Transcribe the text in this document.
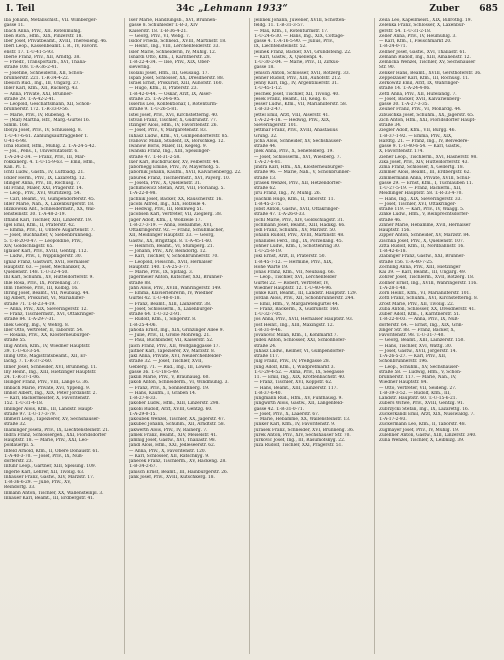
I. Teil	34c „Lehmann 1933“	Zuber 685
Iba Johann, Metallschlst., VII. Wimberger-
gasse 11.
Ibach Anna, Priv., XII. Rotenmühlg.
Iben Rich., Hfm., XIX, Pinzerstr. 18.
Iber Josef, Privatbeamt., XVIII, Theresieng. 46.
Iberl Leop., Kassenbeamt. i. R., IV, Favorit.
enstr. 17. T.-U-41-5-93.
Iberle Franz, Priv., XII, Arndtg. 38.
— Friedr., Transportarb., XVI, Thalia-
straße 108. T.-A-36-2-41.
— Josefine, Schneiderin, XII, Schön-
brunnerstr. 221. T.-R-34-4-22.
Ibesich Rud., Ing., III, Ungarg. 27.
Ibler Karl, Kfm., XII, Ruckerg. 43.
— Anna, Private, XXI, Brünner-
straße 29. T.-A-42-2-41.
— Leopold, Geschäftsmann, XII, Schön-
brunnerstr. 172. T.-R-33-0-56.
— Marie, Priv., IV, Rubensg. 4.
— (Maf) Martha, Hfr., Marg.-Gürtel 16.
Simm. 168.
Ibolya Josef, Priv., IV, Schlüsselg. 8.
T.-U-47-6-61. Zahlungsauftraggeber T.
U-41-6-98.
Icha Rudolf, Hfm., Mühlg. 2. T.-A-24-5-42.
— Jos., Pens., I, Universitätsstr. 6.
T.-A-24-2-34. — Franz, Priv., III, Mar-
rokkanerg. 4. T.-U-15-9-63. — Emil, Hfm.,
Kan. Pl. 1.
Ichtl Ludw., Gasth., IV, Luftbadg. 21.
Ickler Herm., Priv., IX, Lazarettg. 12.
Idinger Anna, Prv., III, Rochusg. 7.
Idl Franz, Maler, XXI, Pragerstr. 14.
— Leop., Priv., XVI, Wurlitzerg. 54.
— Carl, Beamt., VI, Gumpendorferstr. 45.
Idler Marie, Näh., X, Laxenburgerstr. 18.
Idzikowski Ant., Schneidermstr., XX, Wal-
lensteinstr. 30. T.-A-48-2-19.
Iffland Karl, Tischler, XIII, Linzerstr. 19.
Igel Emil, Kfm., II, Praterstr. 42.
— Emma, Priv., II, Untere Augartenstr. 7.
— Josef, Buchhalter, V, Siebenbrunneng.
5. T.-B-20-0-47. — Leopoldine, Priv.,
XIV, Goldschlagstr. 65.
Iglauer Karl, Priv., XVIII, Gentzg. 112.
— Ludw., Priv., I, Wipplingerstr. 30.
Ignaz Franz, Gastwirt, XVII, Hernalser
Hauptstr. 63. — Josef, Mechaniker, X,
Quellenstr. 148. T.-U-32-4-50.
Ihl Karl, Schuhm., XV, Hütteldorferstr. 9.
Ihle Rosa, Priv., IX, Porzellang. 37.
Ihm Therese, Priv., III, Kölblg. 16.
Ihring Josef, Beamt., VII, Neubaug. 44.
Ilg Albert, Prokurist, VI, Mariahilfer-
straße 71. T.-B-23-4-19.
— Anna, Priv., XIX, Sieveringerstr. 12.
— Franz, Tischlermstr., XVI, Ottakringer-
straße 84. T.-A-29-7-31.
Illek Georg, Ing., V, Wehrg. 8.
Iller Otto, Vertreter, II, Taborstr. 54.
— Rosalia, Priv., XX, Klosterneuburger-
straße 55.
Illig Anton, Kfm., IV, Wiedner Hauptstr.
39. T.-U-43-3-54.
Illing Otto, Magistratsbeamt., XII, Er-
lachg. 7. T.-R-37-2-60.
Illner Josef, Schneider, XVI, Brunneng. 11.
Illy Heinr., Ing., XIII, Hietzinger Hauptstr.
24. T.-R-37-1-06.
Ilsinger Franz, Priv., VIII, Lange G. 36.
Imbach Marie, Private, XVI, Yppeng. 9.
Imhof Albert, Ing., XIX, Peter Jordanstr. 2.
— Karl, Bäckermeister, X, Favoritenstr.
152. T.-U-31-4-18.
Imlinger Alois, Kfm., III, Landstr. Haupt-
straße 97. T.-U-17-3-79.
Immerl Leop., Tapezierer, XV, Sechshauser-
straße 32.
Inaminger Josefa, Priv., IX, Liechtensteinstr. 21.
Indra Franz, Schlossergeh., XXI, Floridsdorfer
Hauptstr. 18. — Marie, Priv., XXI, Leo-
poldauerpl. 5.
Infeld Arnold, Kfm., II, Obere Donaustr. 61.
T.-A-40-3-70. — Josef, Priv., IX, Nuß-
dorferstr. 23.
Inführ Leop., Gärtner, XIII, Speising. 109.
Ingerle Karl, Lehrer, XII, Tivolig. 63.
Inhauser Franz, Gastw., XIV, Märzstr. 17.
T.-R-36-6-29. — Julie, Priv., XV,
Reindorfg. 33.
Inmann Anton, Tischler, XX, Wallensteinpl. 3.
Innauer Karl, Beamt., III, Erdbergstr. 41.
Iser Marie, Handlungsb., XVI, Brunnen-
gasse 8. Schuhleder T.-B-3, XIV
Kaiserstr. 18. T.-B-36-4-21.
— Georg, Priv., VI, Webg. 7.
Isidor Frieda, Schneid., XVIII, Martinstr. 18.
— Heinr., Ing., VIII, Lerchenfelderstr. 33.
Isler Marie, Schneiderin, IV, Mühlg. 12.
Isnardi Otto, Kfm., I, Kärntnerstr. 28.
T.-R-22-4-34. — Ilse, Priv., XIX, Ober-
sievering.
Isolani Josef, Hfm., III, Geusaug. 17.
Ispan Josef, Schlosser, XX, Dresdnerstr. 88.
Israel Ernst, Prokurist, XIII, Auhofstr. 160.
— Hugo, Kfm., II, Praterstr. 23.
T.-R-42-0-44. — Oskar, Arzt, IX, Alser-
straße 25. T.-A-24-6-95.
Isserlis Leo, Konfektionär, I, Rotenturm-
straße 9. T.-U-26-5-81.
Istel Josef, Priv., XVI, Kirchstetterng. 40.
Istvan Franz, Tischler, X, Gudrunstr. 77.
Itzinger Alois, Hfm., IV, Favoritenstr. 26.
— Josef, Priv., V, Margaretenstr. 83.
Iuhasz Ludw., Kfm., VI, Gumpendorferstr. 85.
Ivanovic Milan, Student, IX, Borschkeg. 12.
Iwanow Boris, Maler, III, Kegelg. 9.
Iwanski Franz, Ing., XIII, Speisinger-
straße 47. T.-R-31-2-58.
Ixer Karl, Buchdrucker, XV, Felberstr. 44.
Jabornegg Emilie, Priv., IV, Mayerhofg. 5.
Jabornik Johann, Kaufm., XVII, Kalvarienbergg. 22.
Jaburek Franz, Tischlermstr., XVI, Payerg. 10.
— Josefa, Priv., X, Quellenstr. 31.
Jachimowicz Stefan, Arzt, VIII, Florianig. 5.
T.-A-22-0-98.
Jachnik Josef, Bäcker, XX, Rauscherstr. 16.
Jacobi Alfred, Ing., XIX, Hofzeile 4.
— Hedwig, Priv., III, Rennweg 51.
Jacobsen Karl, Vertreter, VII, Zieglerg. 38.
Jäger Adolf, Kfm., I, Wollzeile 17.
T.-R-27-3-19. — Anna, Hebamme, XVI,
Ottakringerstr. 92. — Franz, Schuhmacher,
XII, Meidlinger Hauptstr. 33. — Georg,
Gastw., XX, Brigittapl. 8. T.-A-45-1-60.
— Heinrich, Beamt., VI, Stumperg. 21.
— Johann, Priv., XIV, Reindorfg. 12.
— Karl, Tischler, V, Schönbrunnerstr. 70.
— Leopold, Fleischh., XVII, Hernalser
Hauptstr. 140. T.-A-25-3-77.
— Marie, Priv., IX, Spitalg. 3.
Jägermeier Anton, Kutscher, XXI, Brünner-
straße 88.
Jahn Alois, Priv., XVIII, Währingerstr. 149.
— Emma, Klavierlehrerin, IV, Wiedner
Gürtel 42. T.-U-40-0-18.
— Franz, Beamt., XIII, Lainzerstr. 38.
— Josef, Schlosserm., X, Laxenburger-
straße 64. T.-U-32-2-91.
— Rudolf, Kfm., I, Singerstr. 8.
T.-R-25-4-06.
Jahoda Ernst, Ing., XIX, Grinzinger Allee 9.
— Julie, Priv., II, Große Mohreng. 21.
— Paul, Buchbinder, VII, Kaiserstr. 52.
Jaich Franz, Priv., XII, Wolfganggasse 17.
Jaitner Karl, Tapezierer, XV, Märzstr. 8.
Jakl Anna, Private, XVI, Neulerchenfelder-
straße 32. — Josef, Tischler, XVII,
Geblerg. 71. — Rud., Ing., III, Löwen-
gasse 36. T.-U-18-5-49.
Jaklin Marie, Priv., V, Bräuhausg. 60.
Jakob Anton, Schneiderm., VI, Windmühlg. 3.
— Franz, Priv., X, Sonnleithnerg. 19.
— Hans, Kaufm., I, Graben 14.
T.-R-27-8-33.
Jakober Ludw., Hfm., XIII, Linzerstr. 298.
Jakobi Rudolf, Arzt, XVIII, Gentzg. 60.
T.-A-29-0-15.
Jakoubek Wenzel, Tischler, XX, Jägerstr. 47.
Jakubec Johann, Schuhm., XII, Arndtstr. 58.
Jakwerth Alois, Priv., IV, Rainerg. 7.
Jamek Franz, Beamt., XIV, Meiselstr. 41.
Jamnig Josef, Gastw., XVI, Thaliastr. 98.
Jandl Alois, Hfm., XXI, Jedleseerstr. 62.
— Anna, Priv., X, Favoritenstr. 120.
— Karl, Schlosser, XII, Ratschkyg. 9.
Janecek Franz, Tischlerm., XV, Hackeng. 28.
T.-B-34-2-67.
Janisch Ernst, Beamt., III, Hainburgerstr. 26.
Jank Josef, Priv., XVIII, Kutschkerg. 18.
Jellinek Johann, Juwelier, XVIII, Schotten-
feldg. 11. T.-B-31-3-57.
— Max, Kfm., I, Rotenturmstr. 17.
T.-U-24-6-30. — Hans, Ing., XIX, Cottage-
gasse 4. T.-A-16-5-90. — Julius, Priv.,
IX, Liechtensteinstr. 52.
Jelinek Franz, Bäcker, XVI, Grundsteing. 22.
— Karl, Gastw., X, Quellenpl. 4.
T.-U-30-2-04. — Marie, Priv., II, Zirkus-
gasse 18.
Jenisch Anton, Schlosser, XVII, Rötzerg. 33.
Jenner Rudolf, Priv., XIII, Auhofstr. 212.
Jenny Karl, Ing., IV, Argentinierstr. 31.
T.-U-45-1-12.
Jeschek Josef, Tischler, XII, Tivolig. 40.
Jesek Franz, Beamt., III, Keilg. 6.
Jesser Ludw., Kfm., VII, Mariahilferstr. 58.
T.-B-33-2-47.
Jettel Emil, Arzt, VIII, Alserstr. 41.
T.-A-22-4-18. — Hedwig, Priv., XIX,
Sieveringerstr. 101.
Jettmar Franz, Priv., XVIII, Anastasius
Grüng. 32.
Jicha Alois, Schneider, XV, Sechshauser-
straße 44.
Jilek Anna, Priv., X, Senefelderg. 19.
— Josef, Schlosserm., XVI, Wiesberg. 7.
T.-A-27-6-81.
Jindra Karl, Hfm., XX, Klosterneuburger-
straße 96. — Marie, Näh., V, Schönbrunner-
straße 13.
Jirasek Wenzel, Priv., XII, Hetzendorfer-
straße 62.
Jiru Franz, Ing., IV, Mühlg. 26.
Joachim Hugo, Kfm., II, Taborstr. 11.
T.-R-45-2-75.
Jobst Anton, Gastw., XVII, Ottakringer-
straße 47. T.-A-26-0-33.
Jöchl Marie, Priv., XIV, Goldschlagstr. 31.
Jochmann Josef, Beamt., XIII, Hadikg. 66.
Jodl Franz, Schuhm., XV, Märzstr. 50.
Johann Rudolf, Priv., XVIII, Martinstr. 48.
Johanides Ferd., Ing., IX, Porzellang. 45.
Johner Ludw., Kfm., I, Schottenring 30.
T.-U-25-8-19.
Jokl Ernst, Arzt, II, Praterstr. 50.
T.-R-45-7-12. — Hermine, Priv., XIX,
Hohe Warte 19.
Jonas Franz, Kfm., VII, Neubaug. 66.
— Leop., Tischler, XVI, Lerchenfelder
Gürtel 22. — Robert, Vertreter, IV,
Wiedner Hauptstr. 12. T.-U-40-4-96.
Jonke Karl, Beamt., III, Landstr. Hauptstr. 129.
Jordan Alois, Priv., XII, Schönbrunnerstr. 244.
— Emil, Hfm., V, Margaretengürtel 44.
— Franz, Bäckerm., X, Gudrunstr. 160.
T.-U-32-7-05.
Jos Anna, Priv., XVII, Hernalser Hauptstr. 93.
Jost Heinr., Ing., XIII, Maxingstr. 12.
T.-R-31-9-46.
Jovanovic Milan, Kfm., I, Kohlmarkt 7.
Judex Anton, Schlosser, XXI, Schloßhofer-
straße 24.
Juhasz Ludw., Kellner, VI, Gumpendorfer-
straße 117.
Jülg Franz, Priv., IV, Preßgasse 28.
Jung Adolf, Kfm., I, Wildpretmarkt 3.
T.-U-29-4-52. — Anna, Priv., IX, Seegasse
11. — Emil, Ing., XIX, Krottenbachstr. 40.
— Franz, Tischler, XVI, Koppstr. 62.
— Hans, Beamt., XIII, Lainzerstr. 117.
T.-R-37-6-40.
Jungmann Rud., Hfm., XV, Fünfhausg. 9.
Jungwirth Alois, Gastw., XII, Längenfeld-
gasse 42. T.-R-31-0-71.
— Josef, Priv., X, Laaerstr. 67.
— Marie, Hebamme, XX, Wallensteinstr. 13.
Junker Karl, Kfm., IV, Favoritenstr. 9.
Jurasek Franz, Schneider, XVI, Brunneng. 36.
Jurek Anton, Priv., XIV, Sechshauser Str. 70.
Jurkovic Josef, Ing., III, Rasumofskyg. 22.
Juza Rudolf, Tischler, XXI, Pragerstr. 51.
Zeila Leo, Kapellmeist., XIX, Billrothg. 19.
Zelenka Franz, Schlosser, X, Laxenbur-
gerstr. 54. T.-U-31-2-18.
Zeller Anna, Priv., IV, Heumühlg. 3.
— Karl, Kfm., I, Fleischmarkt 20.
T.-R-24-0-71.
Zellner Josef, Gastw., XVI, Thaliastr. 61.
Zemann Rudolf, Ing., XIII, Amalienstr. 12.
Zemlicka Wenzel, Tischler, XV, Sechshauser
Str. 90.
Zenker Hans, Beamt., XVIII, Gersthoferstr. 36.
Zeppelzauer Karl, Kfm., III, Rochusg. 11.
Zerkowitz Emil, Arzt, IX, Währinger-
straße 14. T.-A-24-4-06.
Zettl Anna, Priv., XII, Hufelandg. 7.
— Josef, Bäcker, XVII, Kalvarienberg-
gasse 30. T.-A-27-3-35.
Zeuner Franz, Priv., VI, Mollardg. 44.
Zibuschka Josef, Schuhm., XX, Jägerstr. 65.
Zich Anton, Hfm., XXI, Floridsdorfer Haupt-
straße 34.
Ziegler Adolf, Kfm., VII, Burgg. 46.
T.-B-37-1-92. — Emma, Priv., XIX,
Hardtg. 21. — Franz, Ing., IV, Belvedere-
gasse 9. T.-U-40-6-54. — Karl, Gastw.,
X, Favoritenstr. 174.
Zieher Leop., Tischlerm., XVI, Hasnerstr. 98.
Zika Josef, Priv., XIV, Hütteldorferstr. 43.
Zima Franz, Schlosser, X, Gellertg. 18.
Zimmer Alois, Beamt., III, Erdbergstr. 62.
Zimmermann Anna, Private, XVIII, Schul-
gasse 29. — Ernst, Kfm., I, Tuchlauben 11.
T.-U-27-5-19. — Franz, Bäckerm., XII,
Meidlinger Hauptstr. 58. T.-R-33-4-70.
— Hans, Ing., XIX, Sieveringerstr. 33.
— Josef, Tischler, XVI, Ottakringer-
straße 119. — Karl, Priv., IV, Waagg. 5.
Zinke Ludw., Hfm., V, Reinprechtsdorfer-
straße 46.
Zinner Marie, Hebamme, XVII, Hernalser
Hauptstr. 156.
Zipper Anton, Schneider, XV, Märzstr. 84.
Zischka Josef, Priv., X, Quellenstr. 107.
Zitta Rudolf, Kfm., II, Nordbahnstr. 16.
T.-R-42-6-18.
Zlabinger Franz, Gastw., XXI, Brünner-
straße 156. T.-A-40-7-25.
Zöchling Anna, Priv., XIII, Hietzinger
Kai 39. — Karl, Beamt., III, Ungarg. 49.
Zöhrer Josef, Tischlerm., XVII, Rötzerg. 18.
Zöllner Ernst, Ing., XVIII, Währingerstr. 116.
T.-A-28-1-48.
Zorn Heinr., Kfm., VI, Mariahilferstr. 101.
Zottl Franz, Schuhm., XVI, Kirchstetterng. 8.
Zrost Marie, Priv., XII, Tivolig. 22.
Zuba Anton, Schlosser, XX, Dresdnerstr. 41.
Zuber Adolf, Kfm., I, Kärntnerstr. 51.
T.-R-22-8-03. — Anna, Priv., IX, Nuß-
dorferstr. 64. — Ernst, Ing., XIX, Grin-
zinger Str. 88. — Franz, Bäcker, X,
Favoritenstr. 98. T.-U-31-7-40.
— Georg, Beamt., XIII, Lainzerstr. 150.
— Hans, Tischler, XVI, Wattg. 30.
— Josef, Gastw., XVII, Jörgerstr. 14.
T.-A-26-5-27. — Karl, Priv., XII,
Schönbrunnerstr. 196.
— Leop., Schuhm., XV, Sechshauser-
straße 58. — Ludwig, Hfm., V, Schön-
brunnerstr. 117. — Marie, Näh., IV,
Wiedner Hauptstr. 84.
— Otto, Vertreter, VII, Seideng. 27.
T.-B-39-3-52. — Rudolf, Kfm., III,
Landstr. Hauptstr. 60. T.-U-15-6-21.
Zubers Witwe, Priv., XVIII, Gentzg. 91.
Zubrzycki Stefan, Ing., IX, Lazarettg. 16.
Zuckerkandl Emil, Arzt, XIX, Nusswaldg. 7.
T.-A-17-2-93.
Zuckermann Leo, Kfm., II, Taborstr. 48.
Zugmayer Josef, Priv., IV, Mühlg. 19.
Zulehner Anton, Gastw., XIII, Linzerstr. 340.
Zuna Wenzel, Tischler, X, Leibnizg. 39.
